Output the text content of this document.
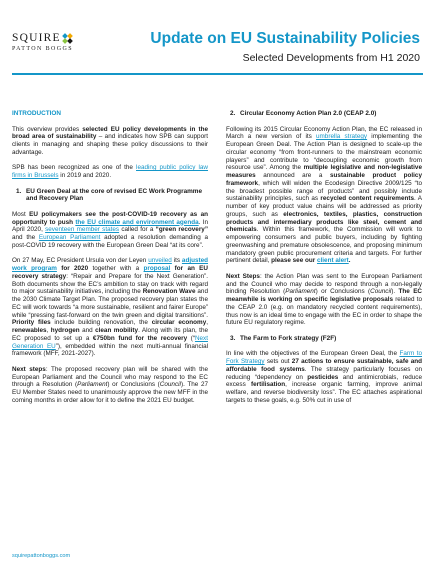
SQUIRE
PATTON BOGGS
Update on EU Sustainability Policies
Selected Developments from H1 2020
INTRODUCTION

This overview provides selected EU policy developments in the broad area of sustainability – and indicates how SPB can support clients in managing and shaping these policy discussions to their advantage.

SPB has been recognized as one of the leading public policy law firms in Brussels in 2019 and 2020.

1. EU Green Deal at the core of revised EC Work Programme and Recovery Plan

Most EU policymakers see the post-COVID-19 recovery as an opportunity to push the EU climate and environment agenda. In April 2020, seventeen member states called for a “green recovery” and the European Parliament adopted a resolution demanding a post-COVID 19 recovery with the European Green Deal “at its core”.

On 27 May, EC President Ursula von der Leyen unveiled its adjusted work program for 2020 together with a proposal for an EU recovery strategy: “Repair and Prepare for the Next Generation”. Both documents show the EC’s ambition to stay on track with regard to major sustainability initiatives, including the Renovation Wave and the 2030 Climate Target Plan. The proposed recovery plan states the EC will work towards “a more sustainable, resilient and fairer Europe” while “pressing fast-forward on the twin green and digital transitions”. Priority files include building renovation, the circular economy, renewables, hydrogen and clean mobility. Along with its plan, the EC proposed to set up a €750bn fund for the recovery (“Next Generation EU”), embedded within the next multi-annual financial framework (MFF, 2021-2027).

Next steps: The proposed recovery plan will be shared with the European Parliament and the Council who may respond to the EC through a Resolution (Parliament) or Conclusions (Council). The 27 EU Member States need to unanimously approve the new MFF in the coming months in order allow for it to define the 2021 EU budget.

2. Circular Economy Action Plan 2.0 (CEAP 2.0)

Following its 2015 Circular Economy Action Plan, the EC released in March a new version of its umbrella strategy implementing the European Green Deal. The Action Plan is designed to scale-up the circular economy “from front-runners to the mainstream economic players” and contribute to “decoupling economic growth from resource use”. Among the multiple legislative and non-legislative measures announced are a sustainable product policy framework, which will widen the Ecodesign Directive 2009/125 “to the broadest possible range of products” and possibly include sustainability principles, such as recycled content requirements. A number of key product value chains will be addressed as priority groups, such as electronics, textiles, plastics, construction products and intermediary products like steel, cement and chemicals. Within this framework, the Commission will work to empowering consumers and public buyers, including by fighting greenwashing and premature obsolescence, and proposing minimum mandatory green public procurement criteria and targets. For further pertinent detail, please see our client alert.

Next Steps: the Action Plan was sent to the European Parliament and the Council who may decide to respond through a non-legally binding Resolution (Parliament) or Conclusions (Council). The EC meanwhile is working on specific legislative proposals related to the CEAP 2.0 (e.g. on mandatory recycled content requirements), thus now is an ideal time to engage with the EC in order to shape the future EU regulatory regime.

3. The Farm to Fork strategy (F2F)

In line with the objectives of the European Green Deal, the Farm to Fork Strategy sets out 27 actions to ensure sustainable, safe and affordable food systems. The strategy particularly focuses on reducing “dependency on pesticides and antimicrobials, reduce excess fertilisation, increase organic farming, improve animal welfare, and reverse biodiversity loss”. The EC attaches aspirational targets to these goals, e.g. 50% cut in use of

squirepattonboggs.com
